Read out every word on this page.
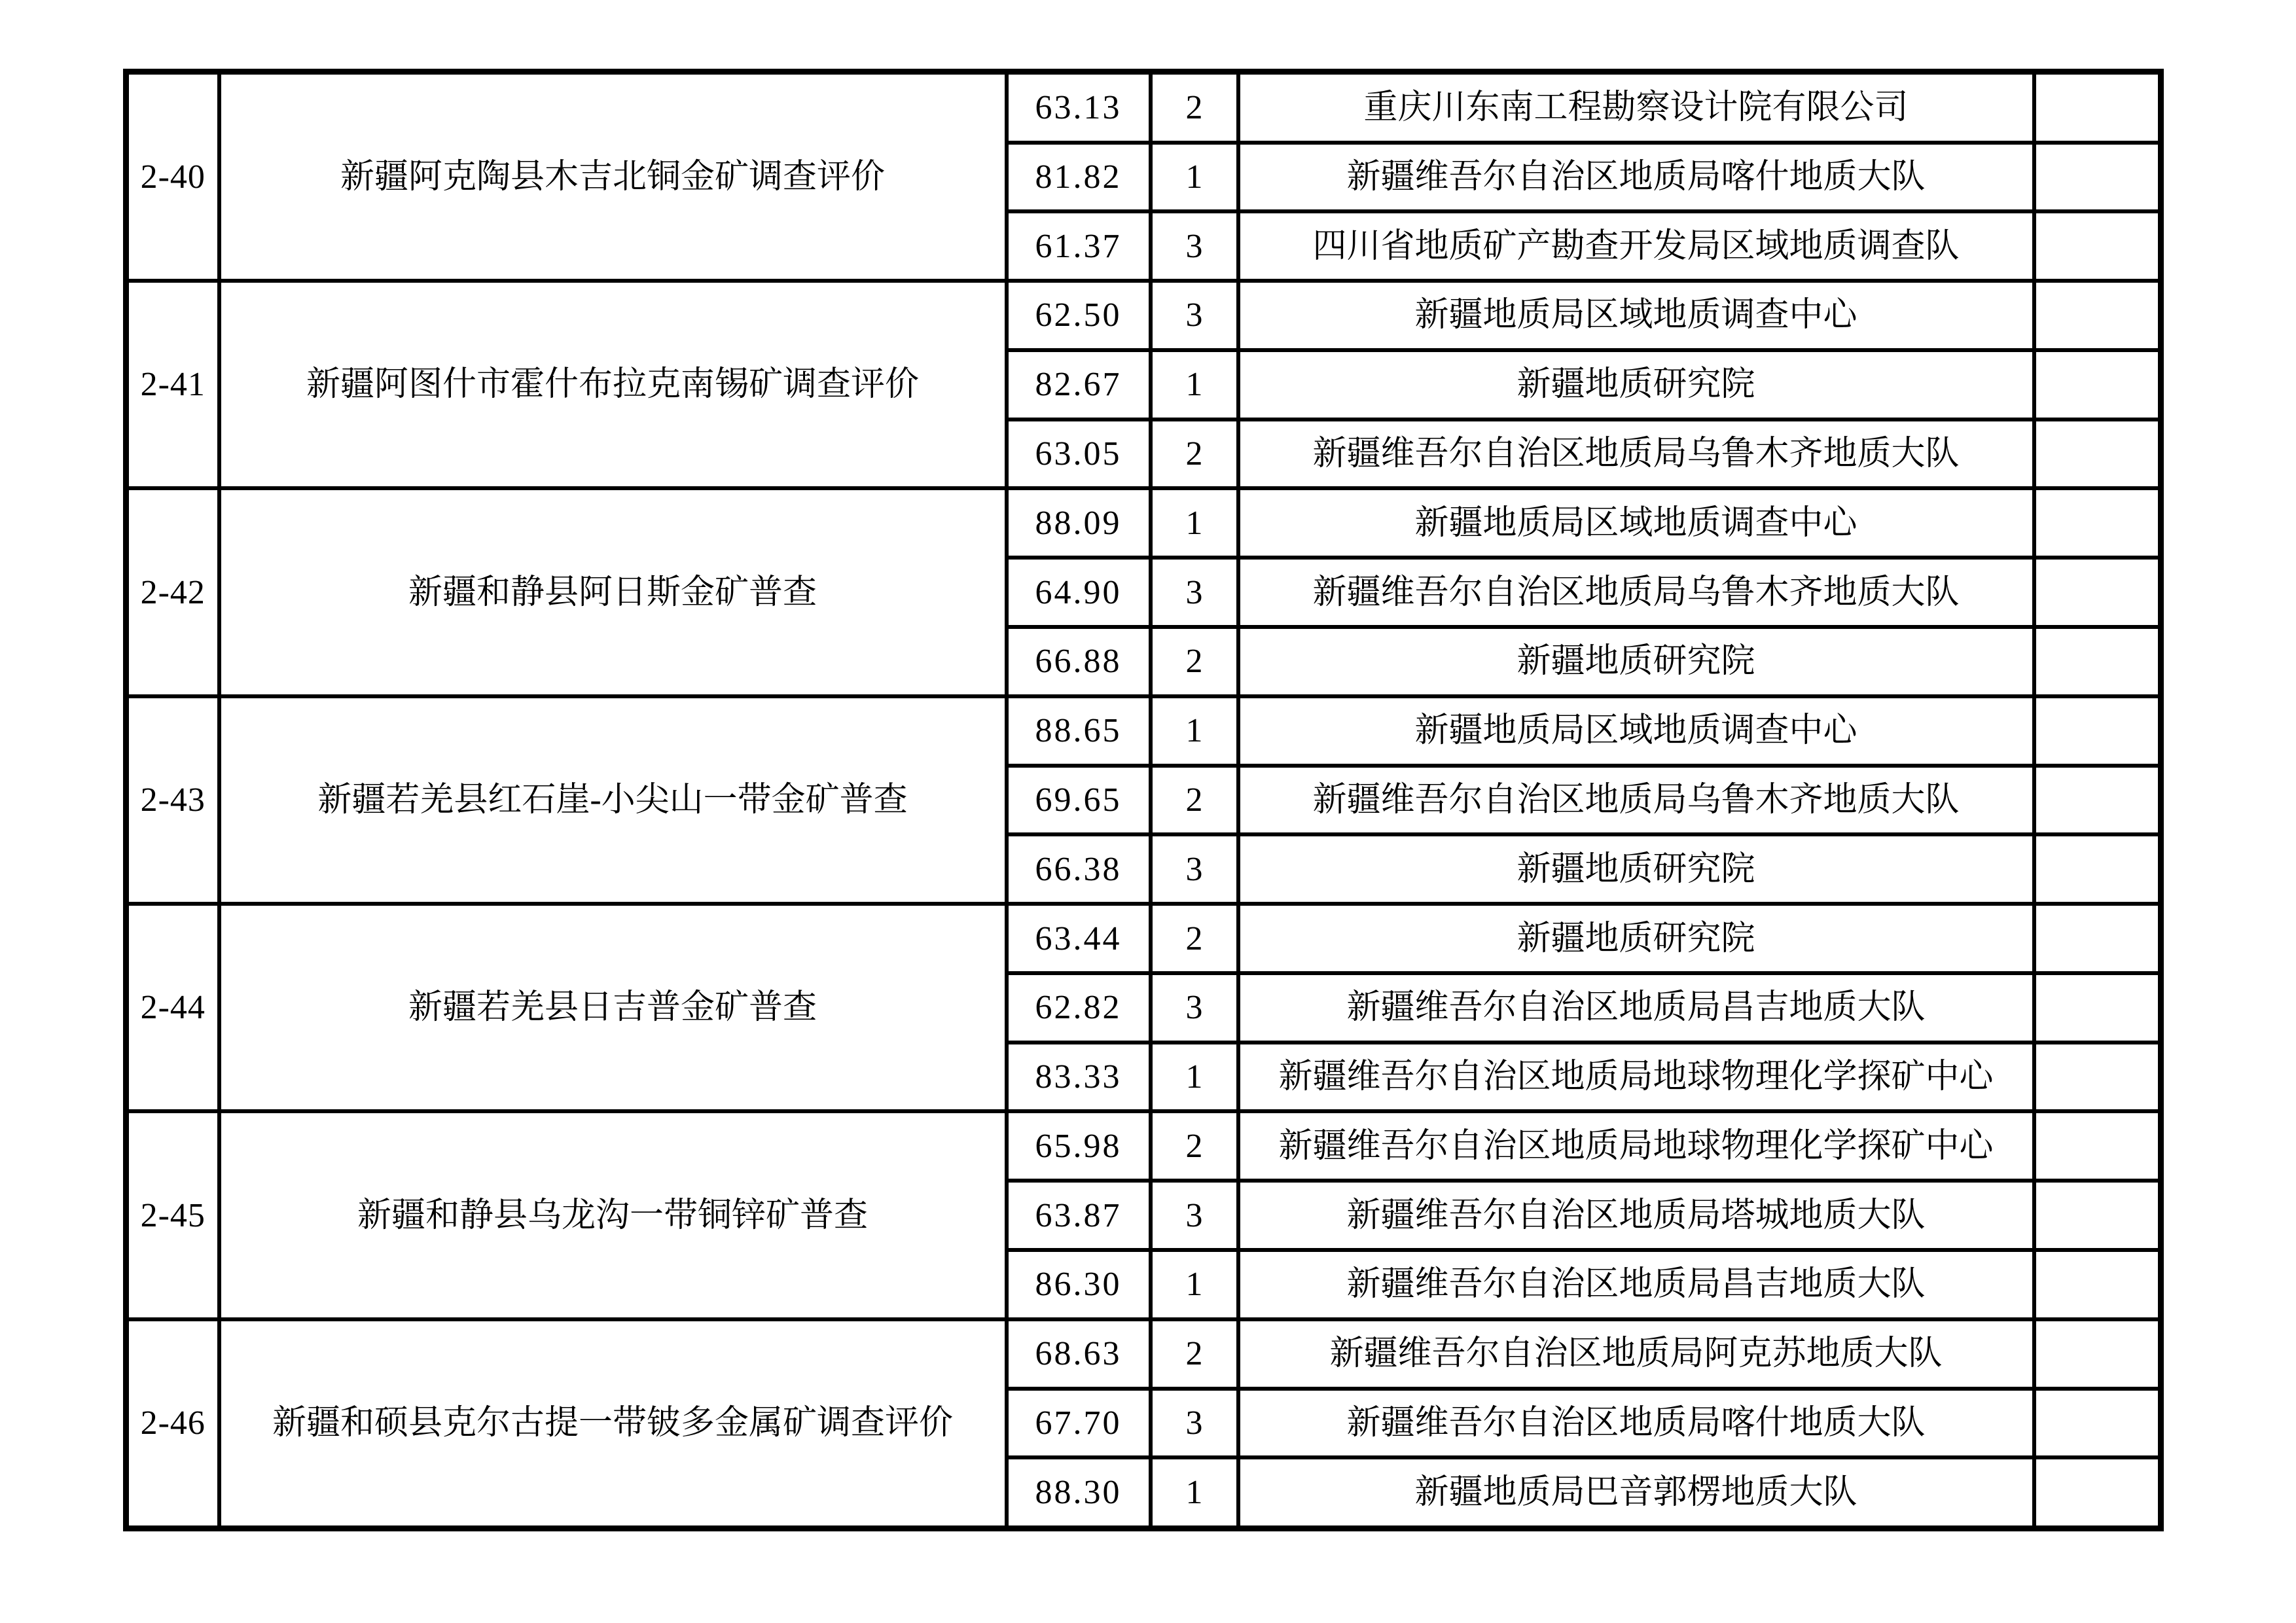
2-40	新疆阿克陶县木吉北铜金矿调查评价	63.13	2	重庆川东南工程勘察设计院有限公司	
		81.82	1	新疆维吾尔自治区地质局喀什地质大队	
		61.37	3	四川省地质矿产勘查开发局区域地质调查队	
2-41	新疆阿图什市霍什布拉克南锡矿调查评价	62.50	3	新疆地质局区域地质调查中心	
		82.67	1	新疆地质研究院	
		63.05	2	新疆维吾尔自治区地质局乌鲁木齐地质大队	
2-42	新疆和静县阿日斯金矿普查	88.09	1	新疆地质局区域地质调查中心	
		64.90	3	新疆维吾尔自治区地质局乌鲁木齐地质大队	
		66.88	2	新疆地质研究院	
2-43	新疆若羌县红石崖-小尖山一带金矿普查	88.65	1	新疆地质局区域地质调查中心	
		69.65	2	新疆维吾尔自治区地质局乌鲁木齐地质大队	
		66.38	3	新疆地质研究院	
2-44	新疆若羌县日吉普金矿普查	63.44	2	新疆地质研究院	
		62.82	3	新疆维吾尔自治区地质局昌吉地质大队	
		83.33	1	新疆维吾尔自治区地质局地球物理化学探矿中心	
2-45	新疆和静县乌龙沟一带铜锌矿普查	65.98	2	新疆维吾尔自治区地质局地球物理化学探矿中心	
		63.87	3	新疆维吾尔自治区地质局塔城地质大队	
		86.30	1	新疆维吾尔自治区地质局昌吉地质大队	
2-46	新疆和硕县克尔古提一带铍多金属矿调查评价	68.63	2	新疆维吾尔自治区地质局阿克苏地质大队	
		67.70	3	新疆维吾尔自治区地质局喀什地质大队	
		88.30	1	新疆地质局巴音郭楞地质大队	
